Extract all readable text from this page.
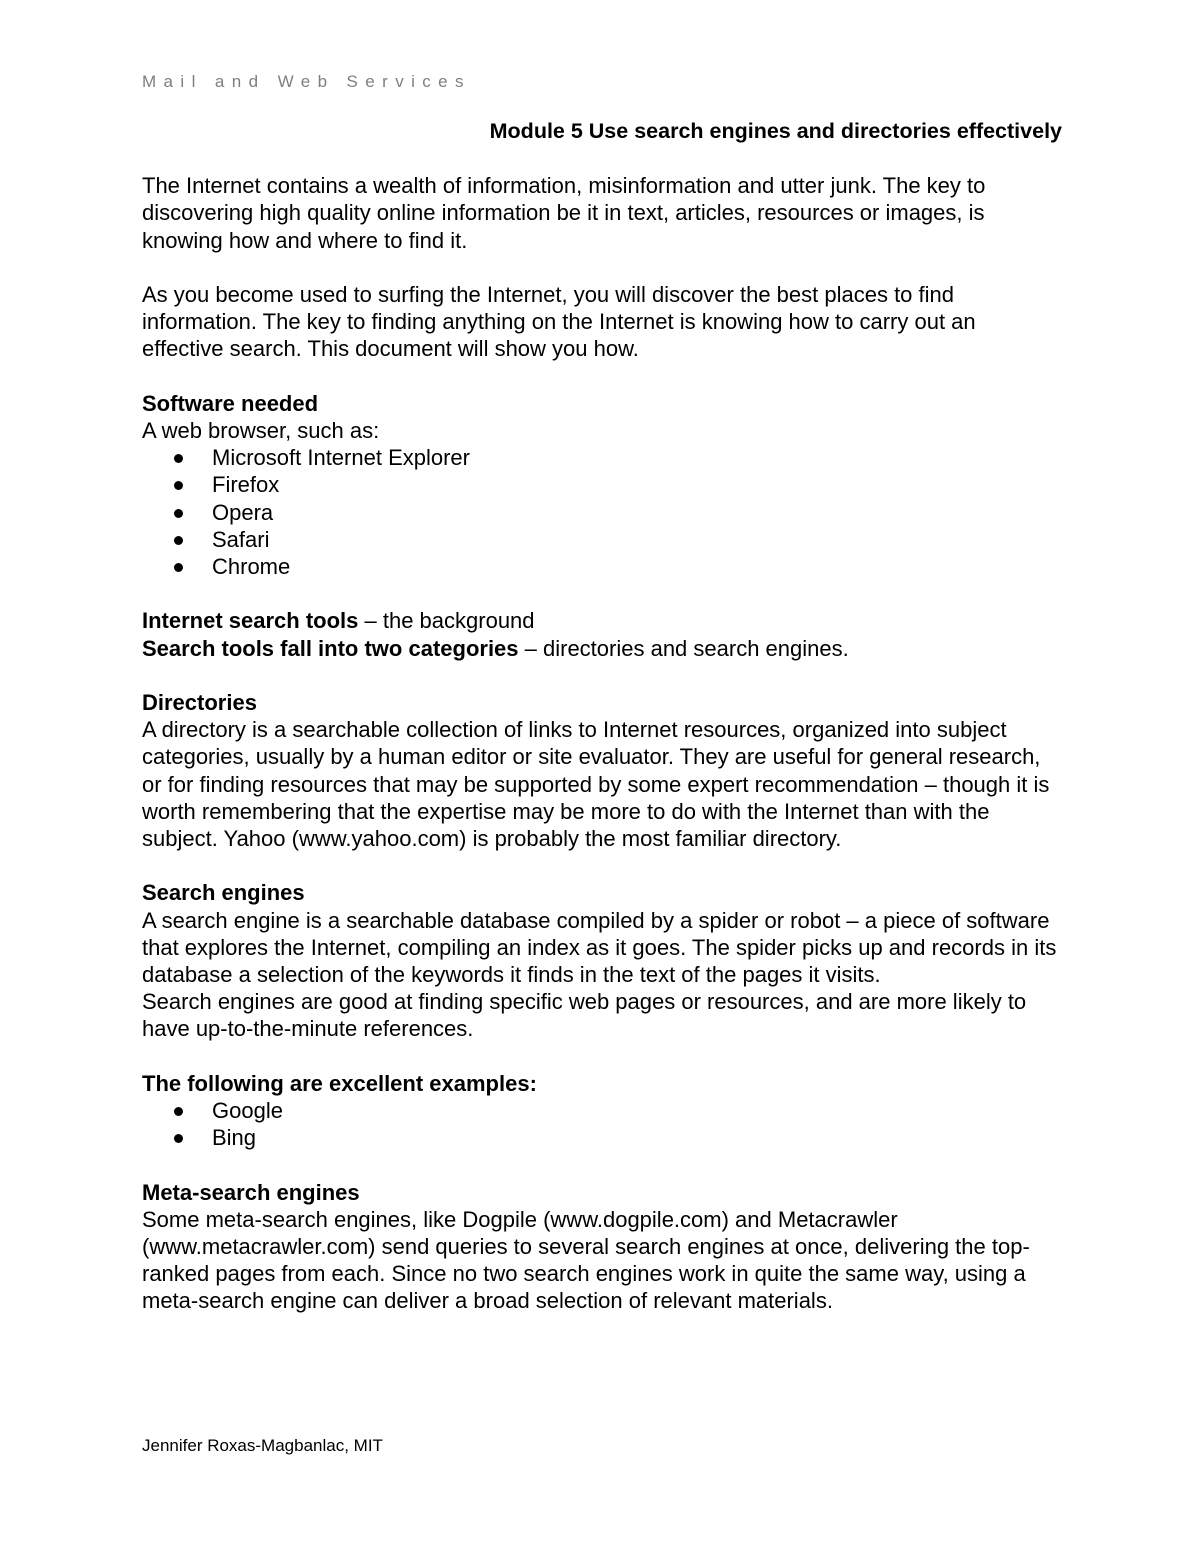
Mail and Web Services

Module 5 Use search engines and directories effectively

The Internet contains a wealth of information, misinformation and utter junk. The key to discovering high quality online information be it in text, articles, resources or images, is knowing how and where to find it.

As you become used to surfing the Internet, you will discover the best places to find information. The key to finding anything on the Internet is knowing how to carry out an effective search. This document will show you how.

Software needed

A web browser, such as:

Microsoft Internet Explorer
Firefox
Opera
Safari
Chrome

Internet search tools – the background

Search tools fall into two categories – directories and search engines.

Directories

A directory is a searchable collection of links to Internet resources, organized into subject categories, usually by a human editor or site evaluator. They are useful for general research, or for finding resources that may be supported by some expert recommendation – though it is worth remembering that the expertise may be more to do with the Internet than with the subject. Yahoo (www.yahoo.com) is probably the most familiar directory.

Search engines

A search engine is a searchable database compiled by a spider or robot – a piece of software that explores the Internet, compiling an index as it goes. The spider picks up and records in its database a selection of the keywords it finds in the text of the pages it visits.

Search engines are good at finding specific web pages or resources, and are more likely to have up-to-the-minute references.

The following are excellent examples:

Google
Bing

Meta-search engines

Some meta-search engines, like Dogpile (www.dogpile.com) and Metacrawler (www.metacrawler.com) send queries to several search engines at once, delivering the top-ranked pages from each. Since no two search engines work in quite the same way, using a meta-search engine can deliver a broad selection of relevant materials.

Jennifer Roxas-Magbanlac, MIT
